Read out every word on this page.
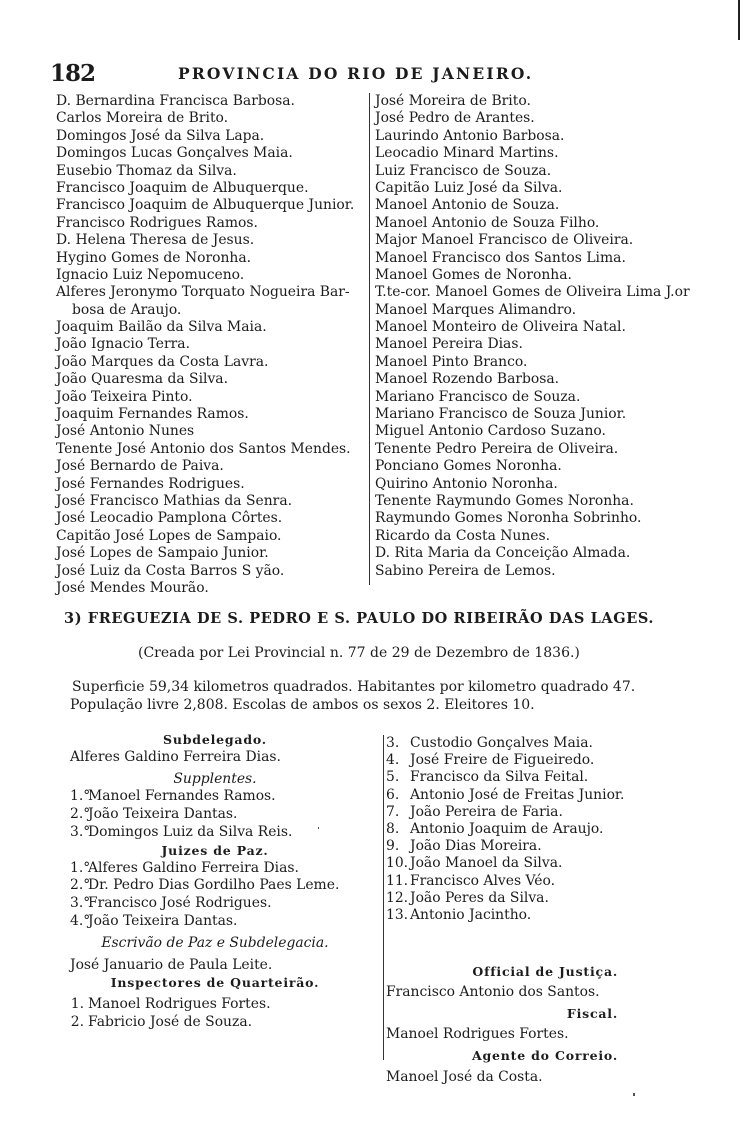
182	PROVINCIA DO RIO DE JANEIRO.
D. Bernardina Francisca Barbosa.
Carlos Moreira de Brito.
Domingos José da Silva Lapa.
Domingos Lucas Gonçalves Maia.
Eusebio Thomaz da Silva.
Francisco Joaquim de Albuquerque.
Francisco Joaquim de Albuquerque Junior.
Francisco Rodrigues Ramos.
D. Helena Theresa de Jesus.
Hygino Gomes de Noronha.
Ignacio Luiz Nepomuceno.
Alferes Jeronymo Torquato Nogueira Bar-
bosa de Araujo.
Joaquim Bailão da Silva Maia.
João Ignacio Terra.
João Marques da Costa Lavra.
João Quaresma da Silva.
João Teixeira Pinto.
Joaquim Fernandes Ramos.
José Antonio Nunes
Tenente José Antonio dos Santos Mendes.
José Bernardo de Paiva.
José Fernandes Rodrigues.
José Francisco Mathias da Senra.
José Leocadio Pamplona Côrtes.
Capitão José Lopes de Sampaio.
José Lopes de Sampaio Junior.
José Luiz da Costa Barros S yão.
José Mendes Mourão.
José Moreira de Brito.
José Pedro de Arantes.
Laurindo Antonio Barbosa.
Leocadio Minard Martins.
Luiz Francisco de Souza.
Capitão Luiz José da Silva.
Manoel Antonio de Souza.
Manoel Antonio de Souza Filho.
Major Manoel Francisco de Oliveira.
Manoel Francisco dos Santos Lima.
Manoel Gomes de Noronha.
T.te-cor. Manoel Gomes de Oliveira Lima J.or
Manoel Marques Alimandro.
Manoel Monteiro de Oliveira Natal.
Manoel Pereira Dias.
Manoel Pinto Branco.
Manoel Rozendo Barbosa.
Mariano Francisco de Souza.
Mariano Francisco de Souza Junior.
Miguel Antonio Cardoso Suzano.
Tenente Pedro Pereira de Oliveira.
Ponciano Gomes Noronha.
Quirino Antonio Noronha.
Tenente Raymundo Gomes Noronha.
Raymundo Gomes Noronha Sobrinho.
Ricardo da Costa Nunes.
D. Rita Maria da Conceição Almada.
Sabino Pereira de Lemos.
3) FREGUEZIA DE S. PEDRO E S. PAULO DO RIBEIRÃO DAS LAGES.
(Creada por Lei Provincial n. 77 de 29 de Dezembro de 1836.)
Superficie 59,34 kilometros quadrados. Habitantes por kilometro quadrado 47.
População livre 2,808. Escolas de ambos os sexos 2. Eleitores 10.
Subdelegado.
Alferes Galdino Ferreira Dias.
Supplentes.
1.°Manoel Fernandes Ramos.
2.°João Teixeira Dantas.
3.°Domingos Luiz da Silva Reis.
Juizes de Paz.
1.°Alferes Galdino Ferreira Dias.
2.°Dr. Pedro Dias Gordilho Paes Leme.
3.°Francisco José Rodrigues.
4.°João Teixeira Dantas.
Escrivão de Paz e Subdelegacia.
José Januario de Paula Leite.
Inspectores de Quarteirão.
1. Manoel Rodrigues Fortes.
2. Fabricio José de Souza.
3. Custodio Gonçalves Maia.
4. José Freire de Figueiredo.
5. Francisco da Silva Feital.
6. Antonio José de Freitas Junior.
7. João Pereira de Faria.
8. Antonio Joaquim de Araujo.
9. João Dias Moreira.
10. João Manoel da Silva.
11. Francisco Alves Véo.
12. João Peres da Silva.
13. Antonio Jacintho.
Official de Justiça.
Francisco Antonio dos Santos.
Fiscal.
Manoel Rodrigues Fortes.
Agente do Correio.
Manoel José da Costa.
